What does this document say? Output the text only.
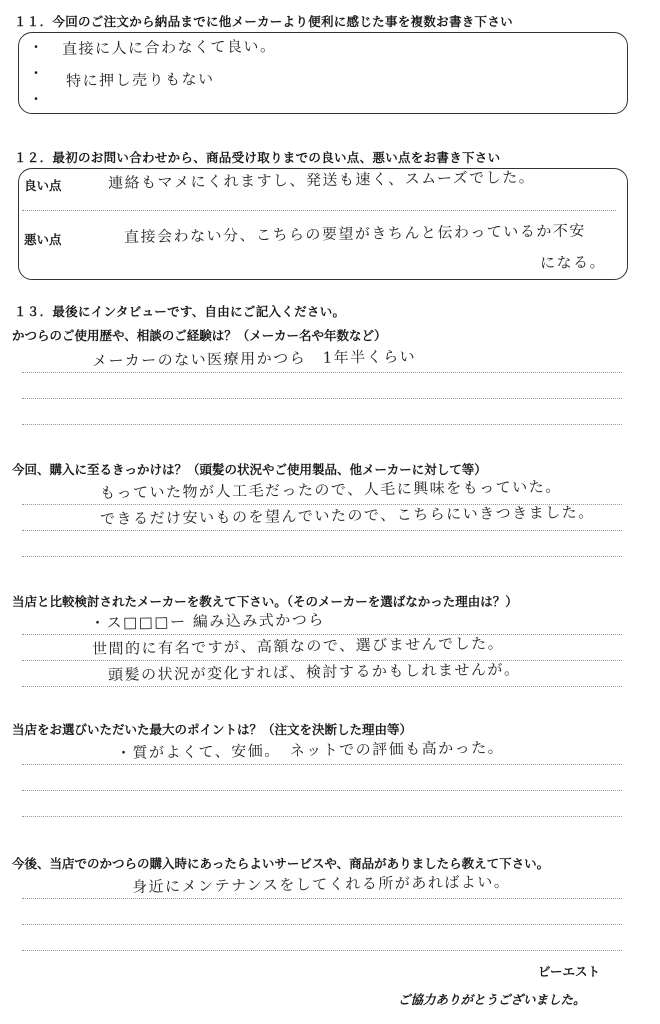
１１．今回のご注文から納品までに他メーカーより便利に感じた事を複数お書き下さい
・
・
・
直接に人に合わなくて良い。
特に押し売りもない
１２．最初のお問い合わせから、商品受け取りまでの良い点、悪い点をお書き下さい
良い点	連絡もマメにくれますし、発送も速く、スムーズでした。
悪い点	直接会わない分、こちらの要望がきちんと伝わっているか不安
になる。
１３．最後にインタビューです、自由にご記入ください。
かつらのご使用歴や、相談のご経験は？（メーカー名や年数など）
メーカーのない医療用かつら　1年半くらい
今回、購入に至るきっかけは？（頭髪の状況やご使用製品、他メーカーに対して等）
もっていた物が人工毛だったので、人毛に興味をもっていた。
できるだけ安いものを望んでいたので、こちらにいきつきました。
当店と比較検討されたメーカーを教えて下さい。（そのメーカーを選ばなかった理由は？）
・ス□□□ー 編み込み式かつら
世間的に有名ですが、高額なので、選びませんでした。
頭髪の状況が変化すれば、検討するかもしれませんが。
当店をお選びいただいた最大のポイントは？（注文を決断した理由等）
・質がよくて、安価。　ネットでの評価も高かった。
今後、当店でのかつらの購入時にあったらよいサービスや、商品がありましたら教えて下さい。
身近にメンテナンスをしてくれる所があればよい。
ビーエスト
ご協力ありがとうございました。
